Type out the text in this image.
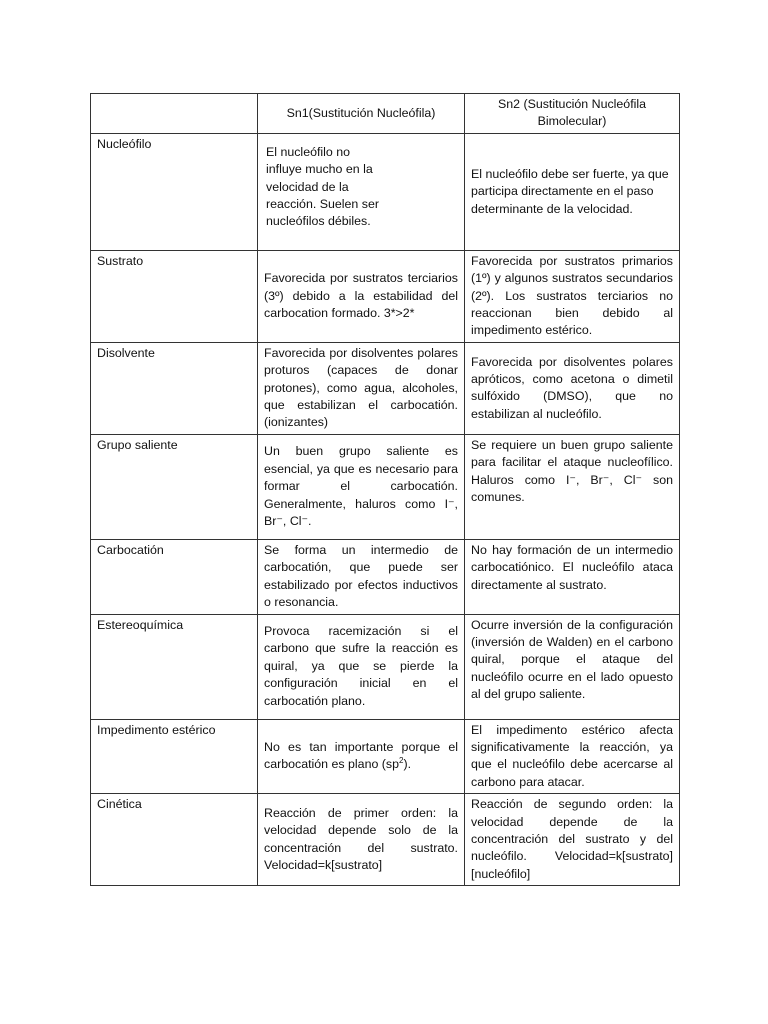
	Sn1(Sustitución Nucleófila)	Sn2 (Sustitución Nucleófila Bimolecular)
Nucleófilo	El nucleófilo no influye mucho en la velocidad de la reacción. Suelen ser nucleófilos débiles.	El nucleófilo debe ser fuerte, ya que participa directamente en el paso determinante de la velocidad.

Sustrato	Favorecida por sustratos terciarios (3º) debido a la estabilidad del carbocation formado. 3*>2*	Favorecida por sustratos primarios (1º) y algunos sustratos secundarios (2º). Los sustratos terciarios no reaccionan bien debido al impedimento estérico.
Disolvente	Favorecida por disolventes polares proturos (capaces de donar protones), como agua, alcoholes, que estabilizan el carbocatión. (ionizantes)	Favorecida por disolventes polares apróticos, como acetona o dimetil sulfóxido (DMSO), que no estabilizan al nucleófilo.
Grupo saliente	Un buen grupo saliente es esencial, ya que es necesario para formar el carbocatión. Generalmente, haluros como I⁻, Br⁻, Cl⁻.	Se requiere un buen grupo saliente para facilitar el ataque nucleofílico. Haluros como I⁻, Br⁻, Cl⁻ son comunes.
Carbocatión	Se forma un intermedio de carbocatión, que puede ser estabilizado por efectos inductivos o resonancia.	No hay formación de un intermedio carbocatiónico. El nucleófilo ataca directamente al sustrato.
Estereoquímica	Provoca racemización si el carbono que sufre la reacción es quiral, ya que se pierde la configuración inicial en el carbocatión plano.	Ocurre inversión de la configuración (inversión de Walden) en el carbono quiral, porque el ataque del nucleófilo ocurre en el lado opuesto al del grupo saliente.
Impedimento estérico	No es tan importante porque el carbocatión es plano $(sp^2)$.	El impedimento estérico afecta significativamente la reacción, ya que el nucleófilo debe acercarse al carbono para atacar.
Cinética	Reacción de primer orden: la velocidad depende solo de la concentración del sustrato. Velocidad=k[sustrato]	Reacción de segundo orden: la velocidad depende de la concentración del sustrato y del nucleófilo. Velocidad=k[sustrato][nucleófilo]
